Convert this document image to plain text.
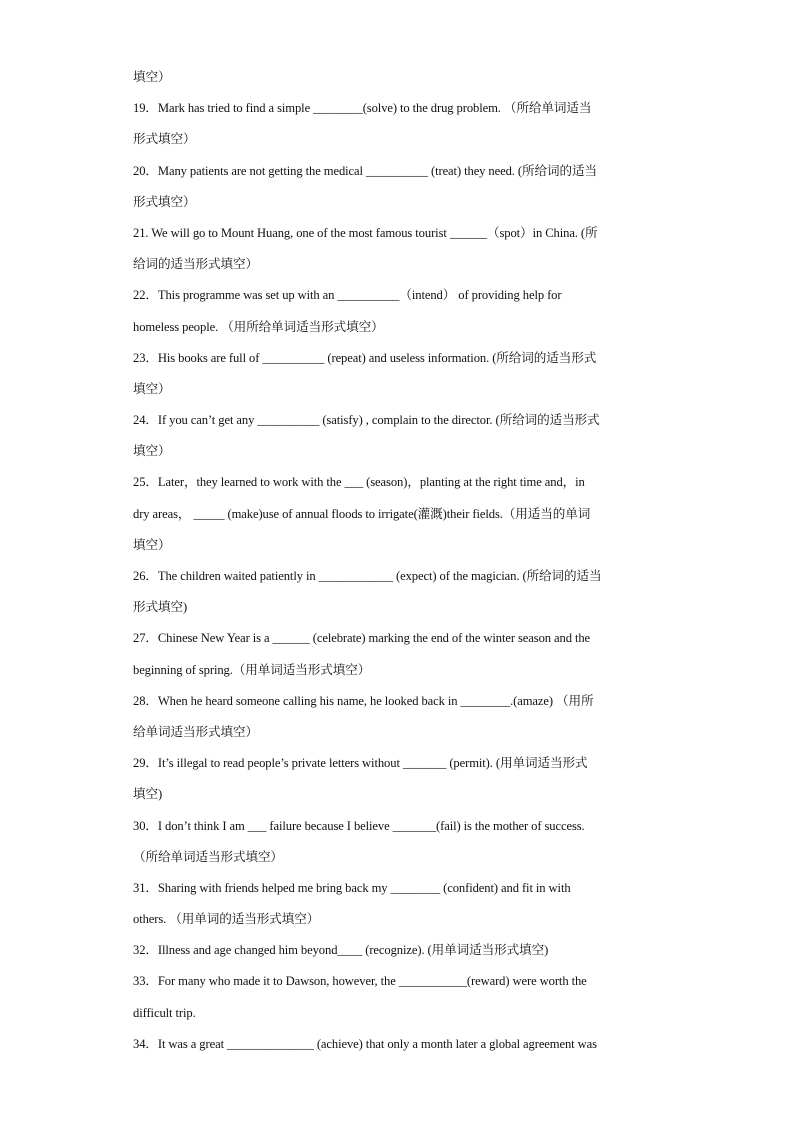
填空）
19．Mark has tried to find a simple ________(solve) to the drug problem. （所给单词适当
形式填空）
20．Many patients are not getting the medical __________ (treat) they need. (所给词的适当
形式填空）
21. We will go to Mount Huang, one of the most famous tourist ______（spot）in China. (所
给词的适当形式填空）
22．This programme was set up with an __________（intend） of providing help for
homeless people. （用所给单词适当形式填空）
23．His books are full of __________ (repeat) and useless information. (所给词的适当形式
填空）
24．If you can’t get any __________ (satisfy) , complain to the director. (所给词的适当形式
填空）
25．Later，they learned to work with the ___ (season)，planting at the right time and，in
dry areas， _____ (make)use of annual floods to irrigate(灌溉)their fields.（用适当的单词
填空）
26．The children waited patiently in ____________ (expect) of the magician. (所给词的适当
形式填空)
27．Chinese New Year is a ______ (celebrate) marking the end of the winter season and the
beginning of spring.（用单词适当形式填空）
28．When he heard someone calling his name, he looked back in ________.(amaze) （用所
给单词适当形式填空）
29．It’s illegal to read people’s private letters without _______ (permit). (用单词适当形式
填空)
30．I don’t think I am ___ failure because I believe _______(fail) is the mother of success.
（所给单词适当形式填空）
31．Sharing with friends helped me bring back my ________ (confident) and fit in with
others. （用单词的适当形式填空）
32．Illness and age changed him beyond____ (recognize). (用单词适当形式填空)
33．For many who made it to Dawson, however, the ___________(reward) were worth the
difficult trip.
34．It was a great ______________ (achieve) that only a month later a global agreement was
